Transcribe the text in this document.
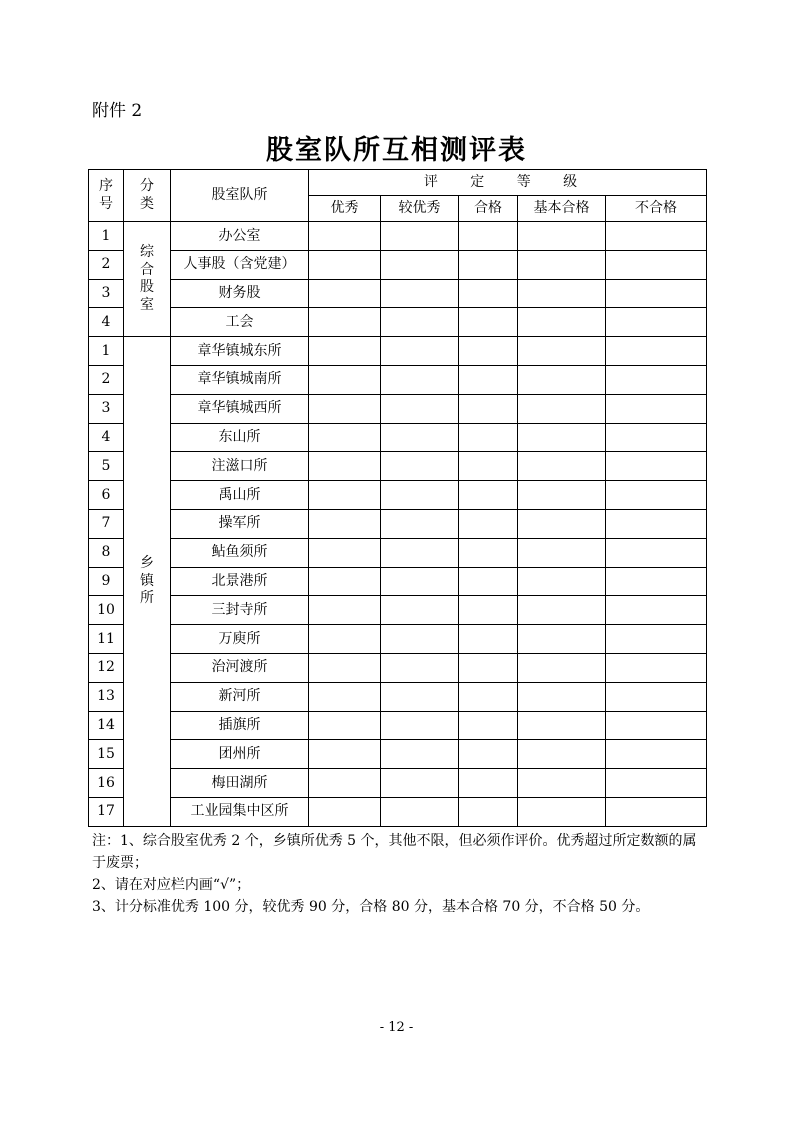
附件 2
股室队所互相测评表
序号	分类	股室队所	评 定 等 级				
			优秀	较优秀	合格	基本合格	不合格
1	综合股室	办公室					
2		人事股（含党建）					
3		财务股					
4		工会					
1	乡镇所	章华镇城东所					
2		章华镇城南所					
3		章华镇城西所					
4		东山所					
5		注滋口所					
6		禹山所					
7		操军所					
8		鲇鱼须所					
9		北景港所					
10		三封寺所					
11		万庾所					
12		治河渡所					
13		新河所					
14		插旗所					
15		团州所					
16		梅田湖所					
17		工业园集中区所					

注：1、综合股室优秀 2 个，乡镇所优秀 5 个，其他不限，但必须作评价。优秀超过所定数额的属于废票；

2、请在对应栏内画“√”；

3、计分标准优秀 100 分，较优秀 90 分，合格 80 分，基本合格 70 分，不合格 50 分。

- 12 -
